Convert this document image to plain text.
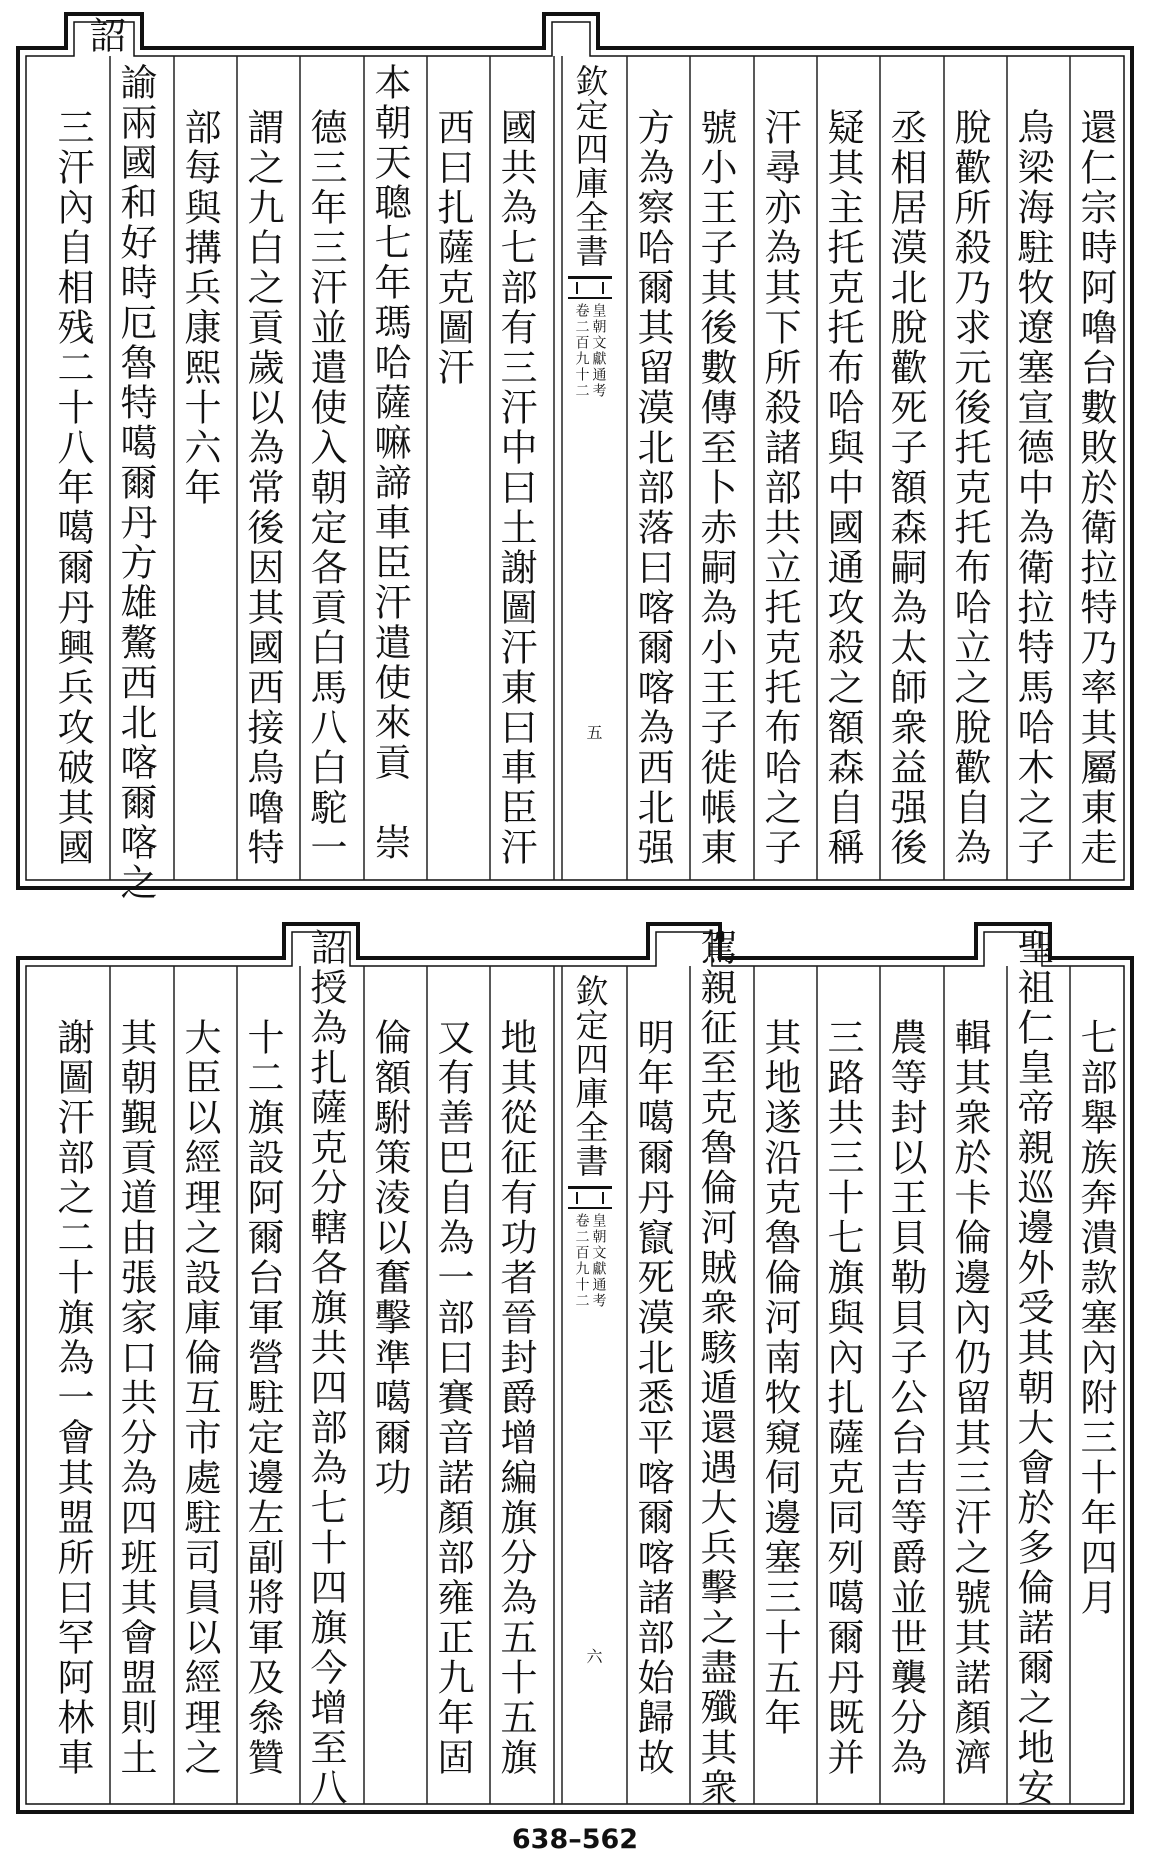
欽定四庫全書
皇朝文獻通考
卷二百九十二
五	還仁宗時阿嚕台數敗於衛拉特乃率其屬東走
烏梁海駐牧遼塞宣德中為衛拉特馬哈木之子
脫歡所殺乃求元後托克托布哈立之脫歡自為
丞相居漠北脫歡死子額森嗣為太師衆益强後
疑其主托克托布哈與中國通攻殺之額森自稱
汗尋亦為其下所殺諸部共立托克托布哈之子
號小王子其後數傳至卜赤嗣為小王子徙帳東
方為察哈爾其留漠北部落曰喀爾喀為西北强
國共為七部有三汗中曰土謝圖汗東曰車臣汗
西曰扎薩克圖汗
本朝天聰七年瑪哈薩嘛諦車臣汗遣使來貢　崇
德三年三汗並遣使入朝定各貢白馬八白駝一
謂之九白之貢歲以為常後因其國西接烏嚕特
部每與搆兵康熙十六年
諭兩國和好時厄魯特噶爾丹方雄驁西北喀爾喀之
三汗內自相残二十八年噶爾丹興兵攻破其國
詔
欽定四庫全書
皇朝文獻通考
卷二百九十二
六
七部舉族奔潰款塞內附三十年四月
聖祖仁皇帝親巡邊外受其朝大會於多倫諾爾之地安
輯其衆於卡倫邊內仍留其三汗之號其諾顏濟
農等封以王貝勒貝子公台吉等爵並世襲分為
三路共三十七旗與內扎薩克同列噶爾丹既并
其地遂沿克魯倫河南牧窺伺邊塞三十五年
駕親征至克魯倫河賊衆駭遁還遇大兵擊之盡殲其衆
明年噶爾丹竄死漠北悉平喀爾喀諸部始歸故
地其從征有功者晉封爵增編旗分為五十五旗
又有善巴自為一部曰賽音諾顏部雍正九年固
倫額駙策淩以奮擊準噶爾功
詔授為扎薩克分轄各旗共四部為七十四旗今增至八
十二旗設阿爾台軍營駐定邊左副將軍及叅贊
大臣以經理之設庫倫互市處駐司員以經理之
其朝覲貢道由張家口共分為四班其會盟則土
謝圖汗部之二十旗為一會其盟所曰罕阿林車
638–562
